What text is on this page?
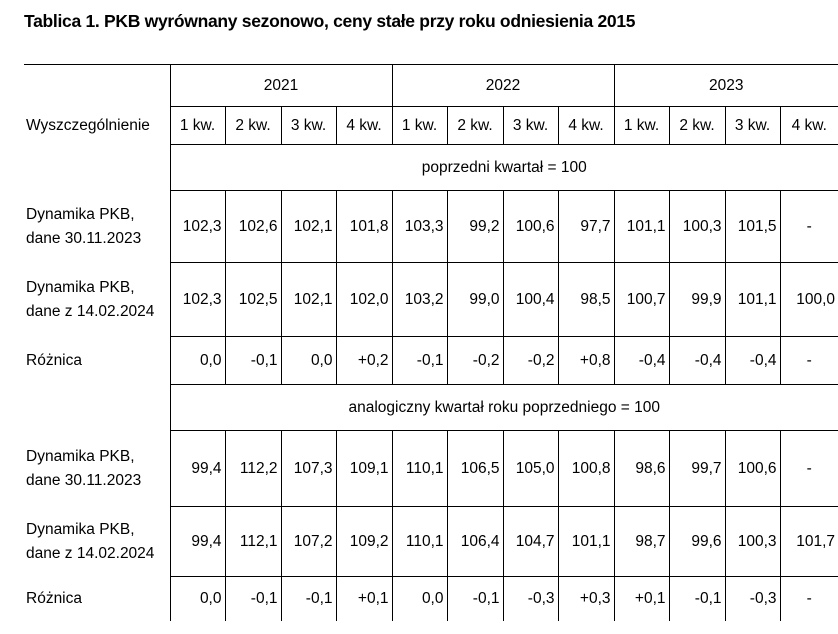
Tablica 1. PKB wyrównany sezonowo, ceny stałe przy roku odniesienia 2015
	2021				2022				2023			
Wyszczególnienie	1 kw.	2 kw.	3 kw.	4 kw.	1 kw.	2 kw.	3 kw.	4 kw.	1 kw.	2 kw.	3 kw.	4 kw.
	poprzedni kwartał = 100											

Dynamika PKB,
dane 30.11.2023	102,3	102,6	102,1	101,8	103,3	99,2	100,6	97,7	101,1	100,3	101,5	-

Dynamika PKB,
dane z 14.02.2024	102,3	102,5	102,1	102,0	103,2	99,0	100,4	98,5	100,7	99,9	101,1	100,0

Różnica	0,0	-0,1	0,0	+0,2	-0,1	-0,2	-0,2	+0,8	-0,4	-0,4	-0,4	-
	analogiczny kwartał roku poprzedniego = 100											

Dynamika PKB,
dane 30.11.2023	99,4	112,2	107,3	109,1	110,1	106,5	105,0	100,8	98,6	99,7	100,6	-

Dynamika PKB,
dane z 14.02.2024	99,4	112,1	107,2	109,2	110,1	106,4	104,7	101,1	98,7	99,6	100,3	101,7

Różnica	0,0	-0,1	-0,1	+0,1	0,0	-0,1	-0,3	+0,3	+0,1	-0,1	-0,3	-
